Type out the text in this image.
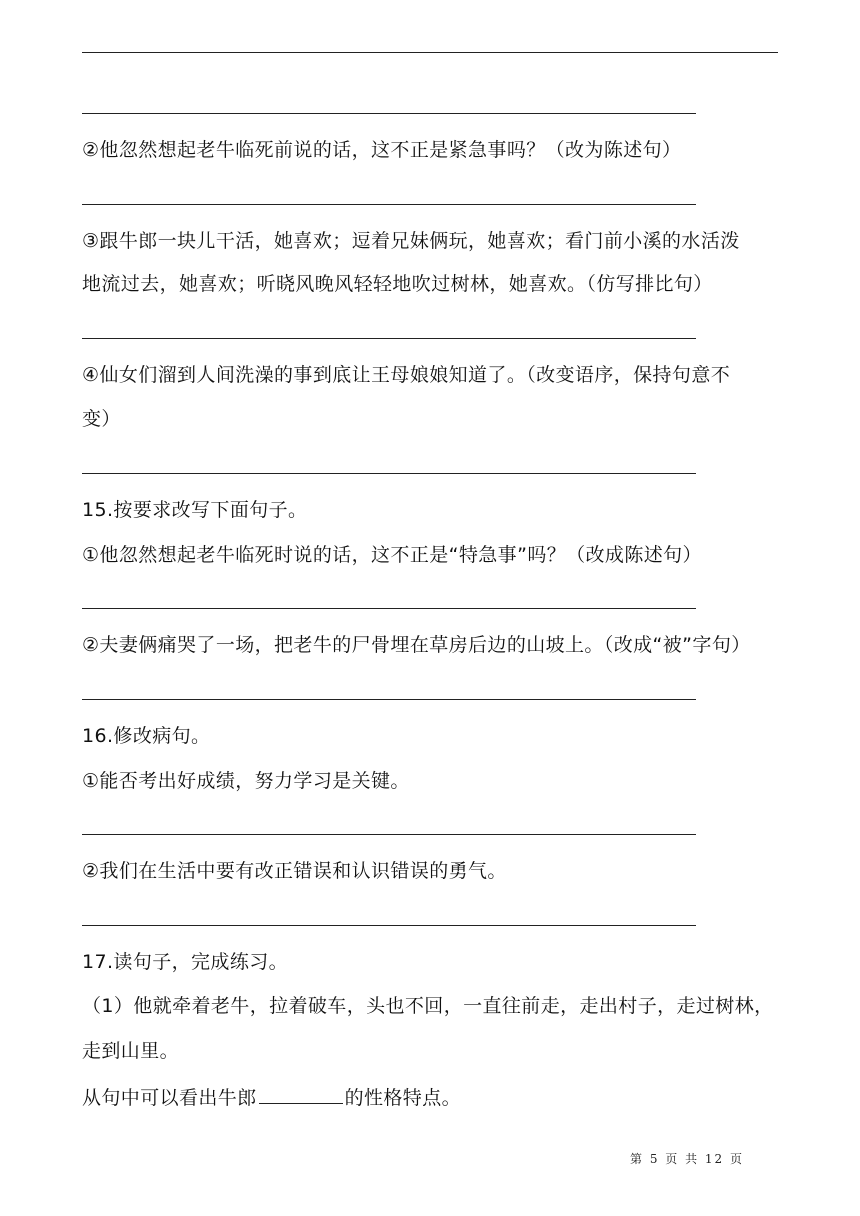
②他忽然想起老牛临死前说的话，这不正是紧急事吗？（改为陈述句）
③跟牛郎一块儿干活，她喜欢；逗着兄妹俩玩，她喜欢；看门前小溪的水活泼
地流过去，她喜欢；听晓风晚风轻轻地吹过树林，她喜欢。（仿写排比句）
④仙女们溜到人间洗澡的事到底让王母娘娘知道了。（改变语序，保持句意不
变）
15.按要求改写下面句子。
①他忽然想起老牛临死时说的话，这不正是“特急事”吗？（改成陈述句）
②夫妻俩痛哭了一场，把老牛的尸骨埋在草房后边的山坡上。（改成“被”字句）
16.修改病句。
①能否考出好成绩，努力学习是关键。
②我们在生活中要有改正错误和认识错误的勇气。
17.读句子，完成练习。
（1）他就牵着老牛，拉着破车，头也不回，一直往前走，走出村子，走过树林，
走到山里。
从句中可以看出牛郎	的性格特点。
第 5 页 共 12 页
